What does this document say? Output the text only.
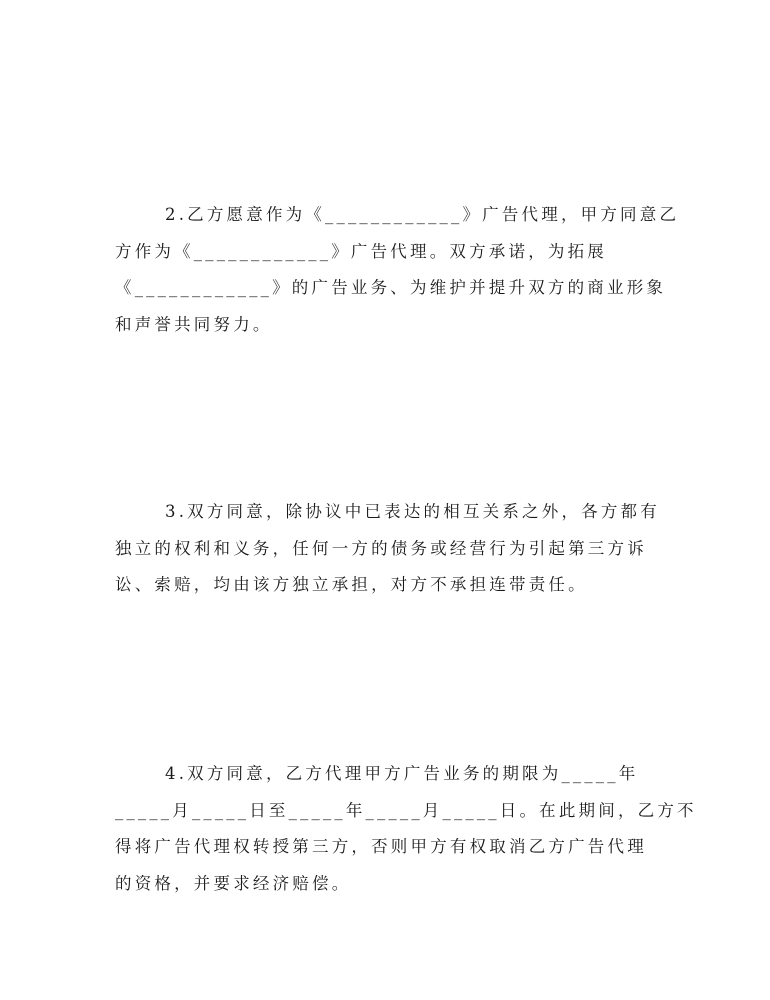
2.乙方愿意作为《____________》广告代理，甲方同意乙
方作为《____________》广告代理。双方承诺，为拓展
《____________》的广告业务、为维护并提升双方的商业形象
和声誉共同努力。

3.双方同意，除协议中已表达的相互关系之外，各方都有
独立的权利和义务，任何一方的债务或经营行为引起第三方诉
讼、索赔，均由该方独立承担，对方不承担连带责任。

4.双方同意，乙方代理甲方广告业务的期限为_____年
_____月_____日至_____年_____月_____日。在此期间，乙方不
得将广告代理权转授第三方，否则甲方有权取消乙方广告代理
的资格，并要求经济赔偿。
